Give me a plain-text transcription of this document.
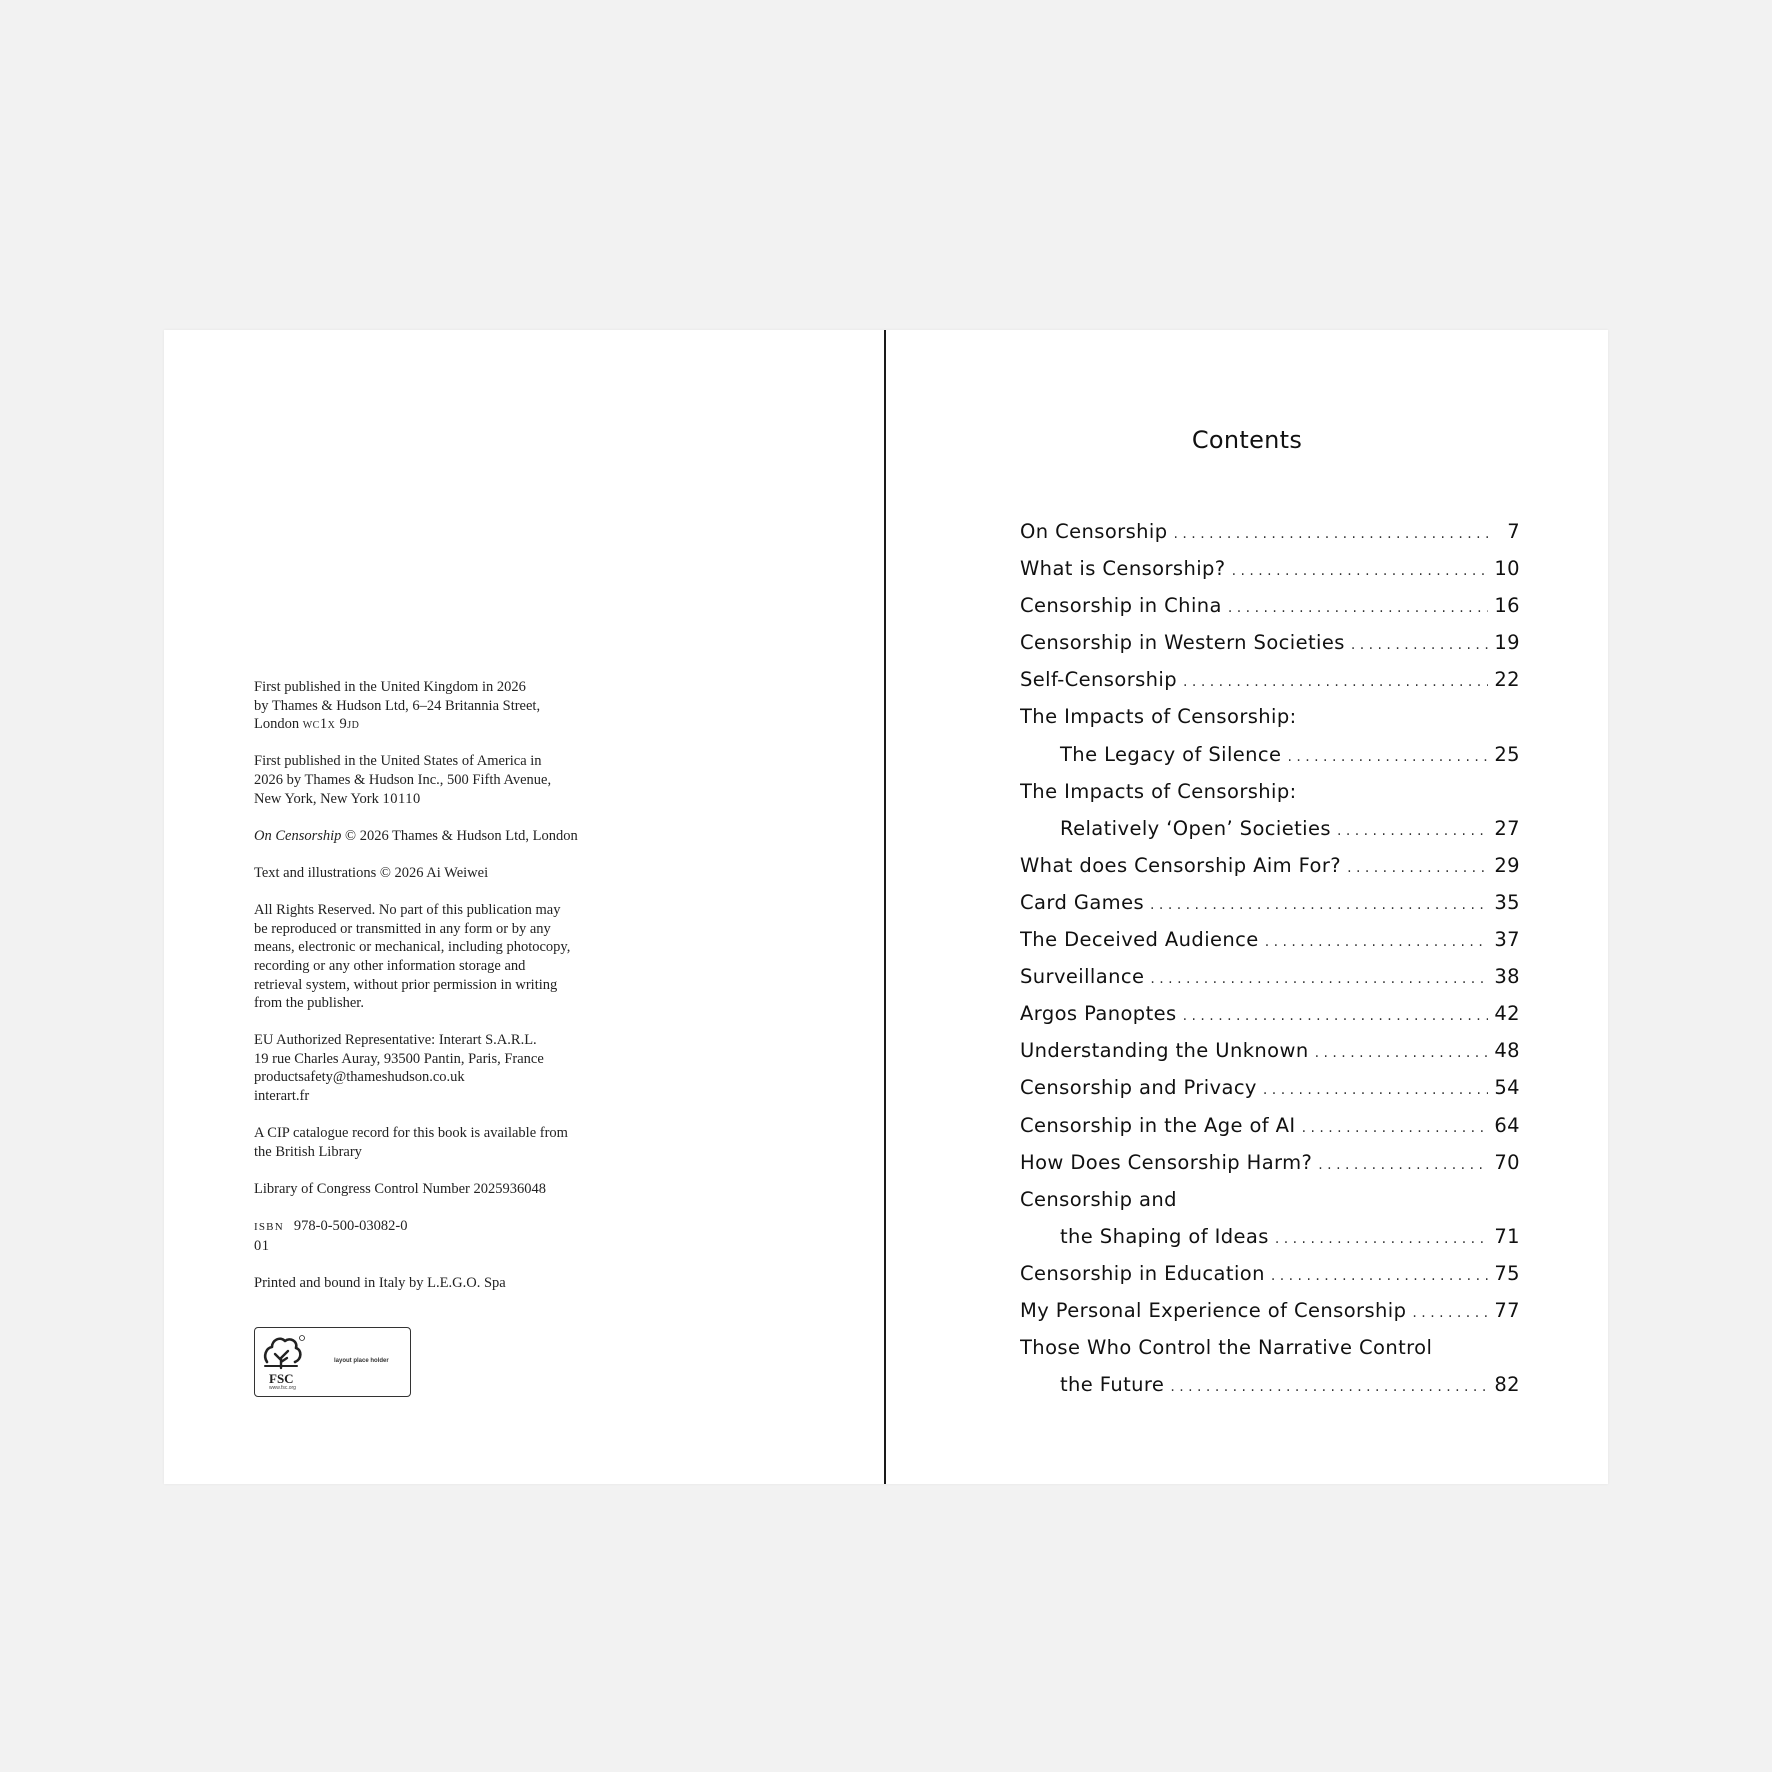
First published in the United Kingdom in 2026
by Thames & Hudson Ltd, 6–24 Britannia Street,
London wc1x 9jd

First published in the United States of America in
2026 by Thames & Hudson Inc., 500 Fifth Avenue,
New York, New York 10110

On Censorship © 2026 Thames & Hudson Ltd, London

Text and illustrations © 2026 Ai Weiwei

All Rights Reserved. No part of this publication may
be reproduced or transmitted in any form or by any
means, electronic or mechanical, including photocopy,
recording or any other information storage and
retrieval system, without prior permission in writing
from the publisher.

EU Authorized Representative: Interart S.A.R.L.
19 rue Charles Auray, 93500 Pantin, Paris, France
productsafety@thameshudson.co.uk
interart.fr

A CIP catalogue record for this book is available from
the British Library

Library of Congress Control Number 2025936048

ISBN 978-0-500-03082-0
01

Printed and bound in Italy by L.E.G.O. Spa

FSC
www.fsc.org
layout place holder
Contents
On Censorship . . .	7
What is Censorship? . . .	10
Censorship in China . . .	16
Censorship in Western Societies . . .	19
Self-Censorship . . .	22
The Impacts of Censorship:
The Legacy of Silence . . .	25
The Impacts of Censorship:
Relatively ‘Open’ Societies . . .	27
What does Censorship Aim For? . . .	29
Card Games . . .	35
The Deceived Audience . . .	37
Surveillance . . .	38
Argos Panoptes . . .	42
Understanding the Unknown . . .	48
Censorship and Privacy . . .	54
Censorship in the Age of AI . . .	64
How Does Censorship Harm? . . .	70
Censorship and
the Shaping of Ideas . . .	71
Censorship in Education . . .	75
My Personal Experience of Censorship . . .	77
Those Who Control the Narrative Control
the Future . . .	82
